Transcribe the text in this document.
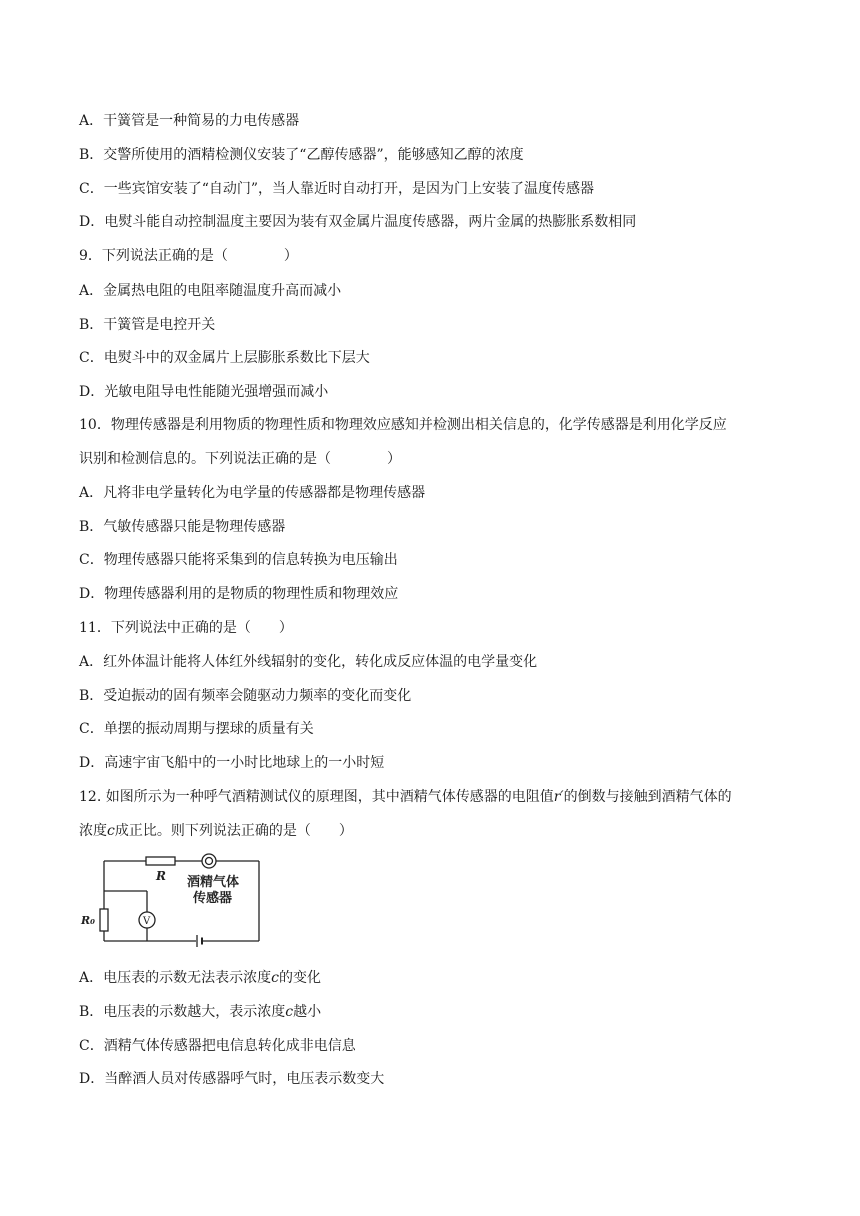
A．干簧管是一种简易的力电传感器
B．交警所使用的酒精检测仪安装了“乙醇传感器”，能够感知乙醇的浓度
C．一些宾馆安装了“自动门”，当人靠近时自动打开，是因为门上安装了温度传感器
D．电熨斗能自动控制温度主要因为装有双金属片温度传感器，两片金属的热膨胀系数相同
9．下列说法正确的是（　　　　）
A．金属热电阻的电阻率随温度升高而减小
B．干簧管是电控开关
C．电熨斗中的双金属片上层膨胀系数比下层大
D．光敏电阻导电性能随光强增强而减小
10．物理传感器是利用物质的物理性质和物理效应感知并检测出相关信息的，化学传感器是利用化学反应
识别和检测信息的。下列说法正确的是（　　　　）
A．凡将非电学量转化为电学量的传感器都是物理传感器
B．气敏传感器只能是物理传感器
C．物理传感器只能将采集到的信息转换为电压输出
D．物理传感器利用的是物质的物理性质和物理效应
11．下列说法中正确的是（　　）
A．红外体温计能将人体红外线辐射的变化，转化成反应体温的电学量变化
B．受迫振动的固有频率会随驱动力频率的变化而变化
C．单摆的振动周期与摆球的质量有关
D．高速宇宙飞船中的一小时比地球上的一小时短
12. 如图所示为一种呼气酒精测试仪的原理图，其中酒精气体传感器的电阻值r′的倒数与接触到酒精气体的
浓度c成正比。则下列说法正确的是（　　）
R
R₀	V
酒精气体
传感器
A．电压表的示数无法表示浓度c的变化
B．电压表的示数越大，表示浓度c越小
C．酒精气体传感器把电信息转化成非电信息
D．当醉酒人员对传感器呼气时，电压表示数变大
